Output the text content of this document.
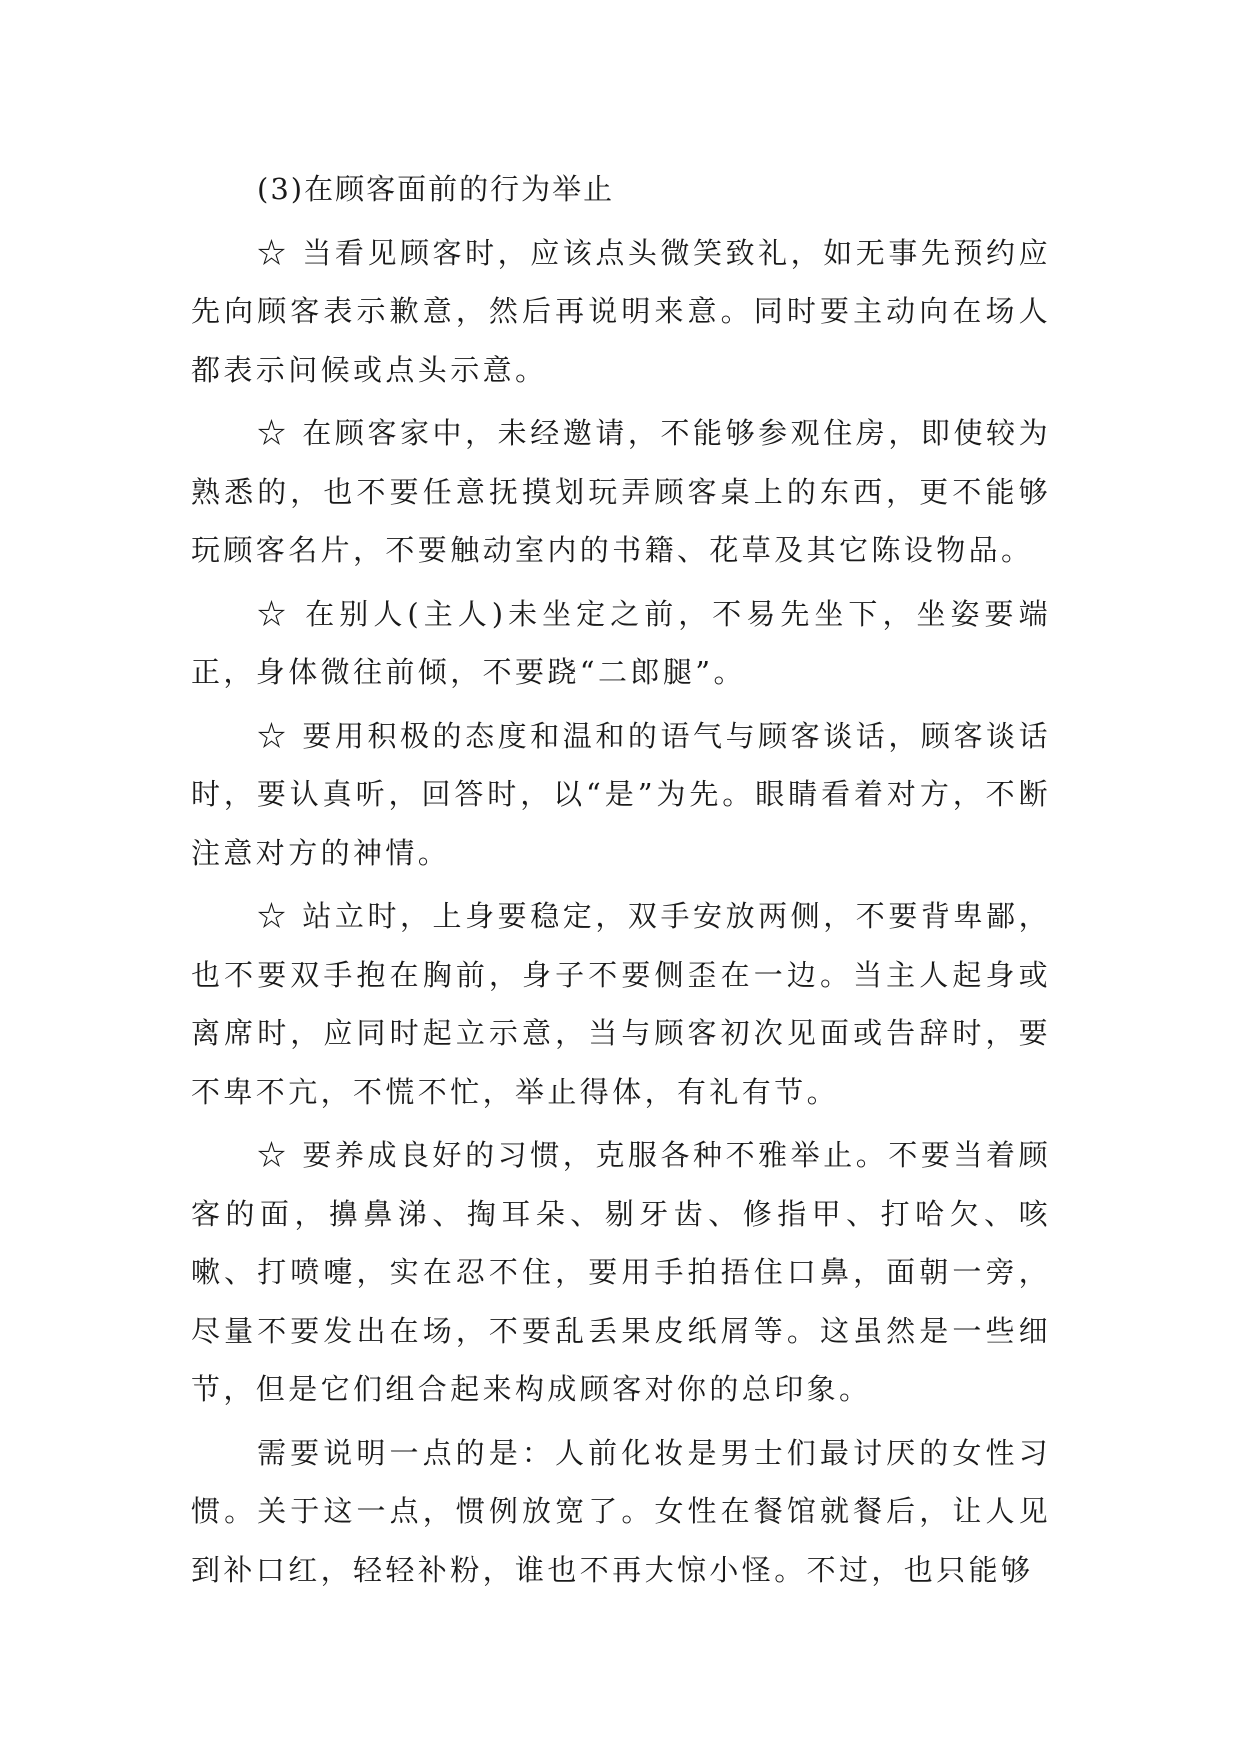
(3)在顾客面前的行为举止

☆ 当看见顾客时，应该点头微笑致礼，如无事先预约应先向顾客表示歉意，然后再说明来意。同时要主动向在场人都表示问候或点头示意。

☆ 在顾客家中，未经邀请，不能够参观住房，即使较为熟悉的，也不要任意抚摸划玩弄顾客桌上的东西，更不能够玩顾客名片，不要触动室内的书籍、花草及其它陈设物品。

☆ 在别人(主人)未坐定之前，不易先坐下，坐姿要端正，身体微往前倾，不要跷“二郎腿”。

☆ 要用积极的态度和温和的语气与顾客谈话，顾客谈话时，要认真听，回答时，以“是”为先。眼睛看着对方，不断注意对方的神情。

☆ 站立时，上身要稳定，双手安放两侧，不要背卑鄙，也不要双手抱在胸前，身子不要侧歪在一边。当主人起身或离席时，应同时起立示意，当与顾客初次见面或告辞时，要不卑不亢，不慌不忙，举止得体，有礼有节。

☆ 要养成良好的习惯，克服各种不雅举止。不要当着顾客的面，擤鼻涕、掏耳朵、剔牙齿、修指甲、打哈欠、咳嗽、打喷嚏，实在忍不住，要用手拍捂住口鼻，面朝一旁，尽量不要发出在场，不要乱丢果皮纸屑等。这虽然是一些细节，但是它们组合起来构成顾客对你的总印象。

需要说明一点的是：人前化妆是男士们最讨厌的女性习惯。关于这一点，惯例放宽了。女性在餐馆就餐后，让人见到补口红，轻轻补粉，谁也不再大惊小怪。不过，也只能够
